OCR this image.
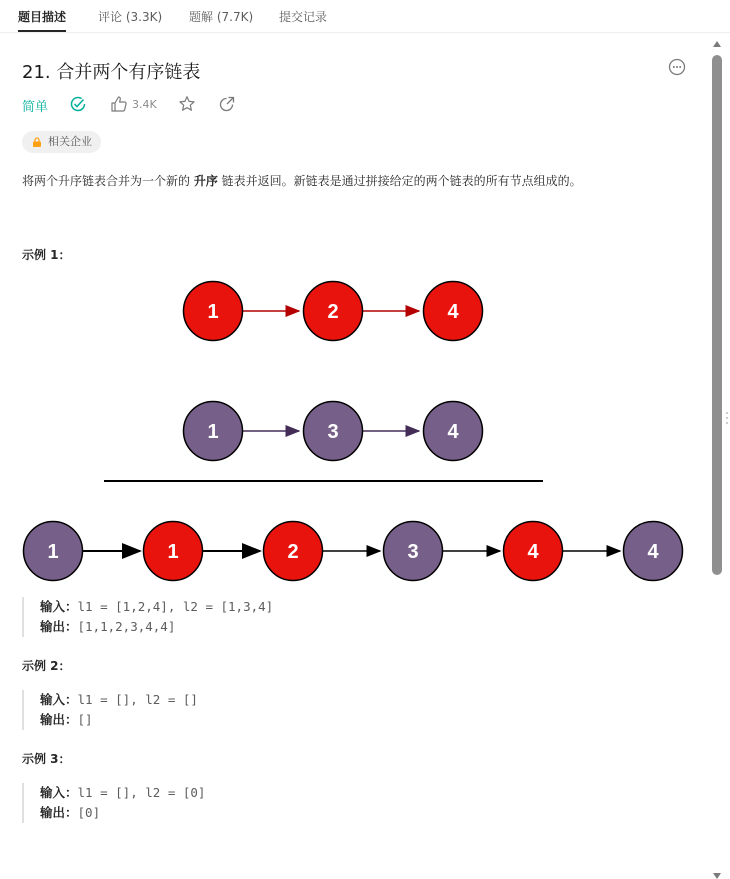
题目描述	评论 (3.3K) 题解 (7.7K) 提交记录
21. 合并两个有序链表
简单	3.4K
相关企业
将两个升序链表合并为一个新的 升序 链表并返回。新链表是通过拼接给定的两个链表的所有节点组成的。
示例 1：
1	2	4
1	3	4
1	1	2	3	4	4
输入：l1 = [1,2,4], l2 = [1,3,4]
输出：[1,1,2,3,4,4]
示例 2：
输入：l1 = [], l2 = []
输出：[]
示例 3：
输入：l1 = [], l2 = [0]
输出：[0]
